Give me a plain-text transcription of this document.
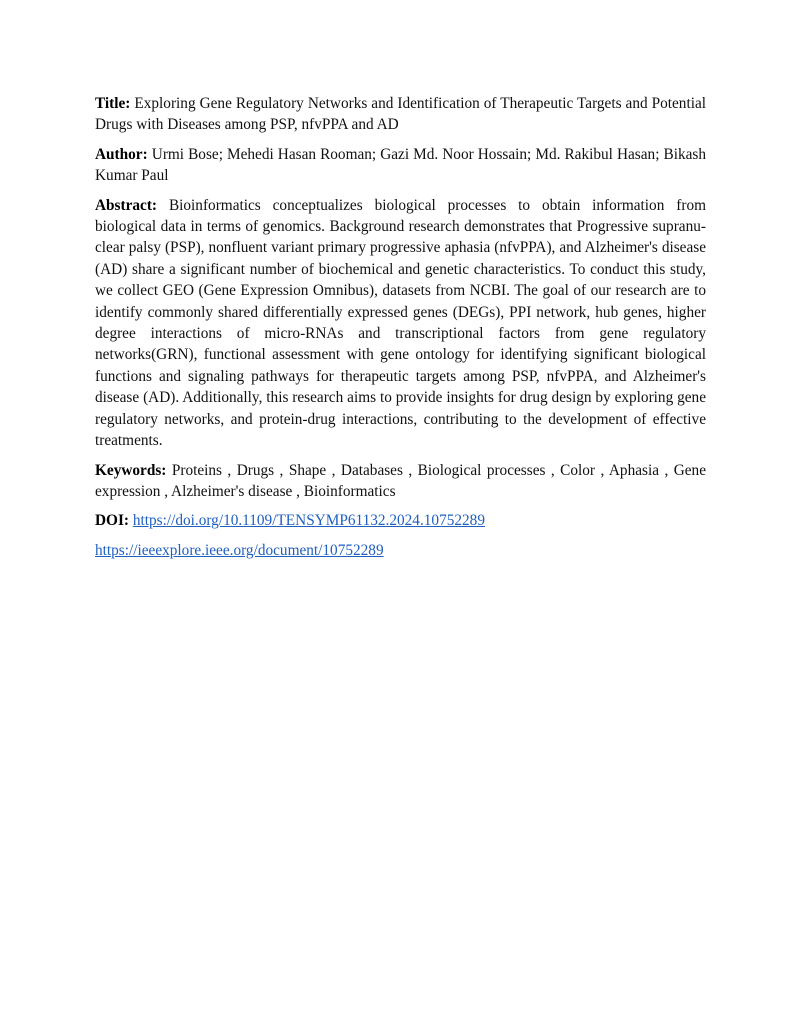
Title: Exploring Gene Regulatory Networks and Identification of Therapeutic Targets and Potential Drugs with Diseases among PSP, nfvPPA and AD

Author: Urmi Bose; Mehedi Hasan Rooman; Gazi Md. Noor Hossain; Md. Rakibul Hasan; Bikash Kumar Paul

Abstract: Bioinformatics conceptualizes biological processes to obtain information from biological data in terms of genomics. Background research demonstrates that Progressive supranuclear palsy (PSP), nonfluent variant primary progressive aphasia (nfvPPA), and Alzheimer's disease (AD) share a significant number of biochemical and genetic characteristics. To conduct this study, we collect GEO (Gene Expression Omnibus), datasets from NCBI. The goal of our research are to identify commonly shared differentially expressed genes (DEGs), PPI network, hub genes, higher degree interactions of micro-RNAs and transcriptional factors from gene regulatory networks(GRN), functional assessment with gene ontology for identifying significant biological functions and signaling pathways for therapeutic targets among PSP, nfvPPA, and Alzheimer's disease (AD). Additionally, this research aims to provide insights for drug design by exploring gene regulatory networks, and protein-drug interactions, contributing to the development of effective treatments.

Keywords: Proteins , Drugs , Shape , Databases , Biological processes , Color , Aphasia , Gene expression , Alzheimer's disease , Bioinformatics

DOI: https://doi.org/10.1109/TENSYMP61132.2024.10752289

https://ieeexplore.ieee.org/document/10752289
